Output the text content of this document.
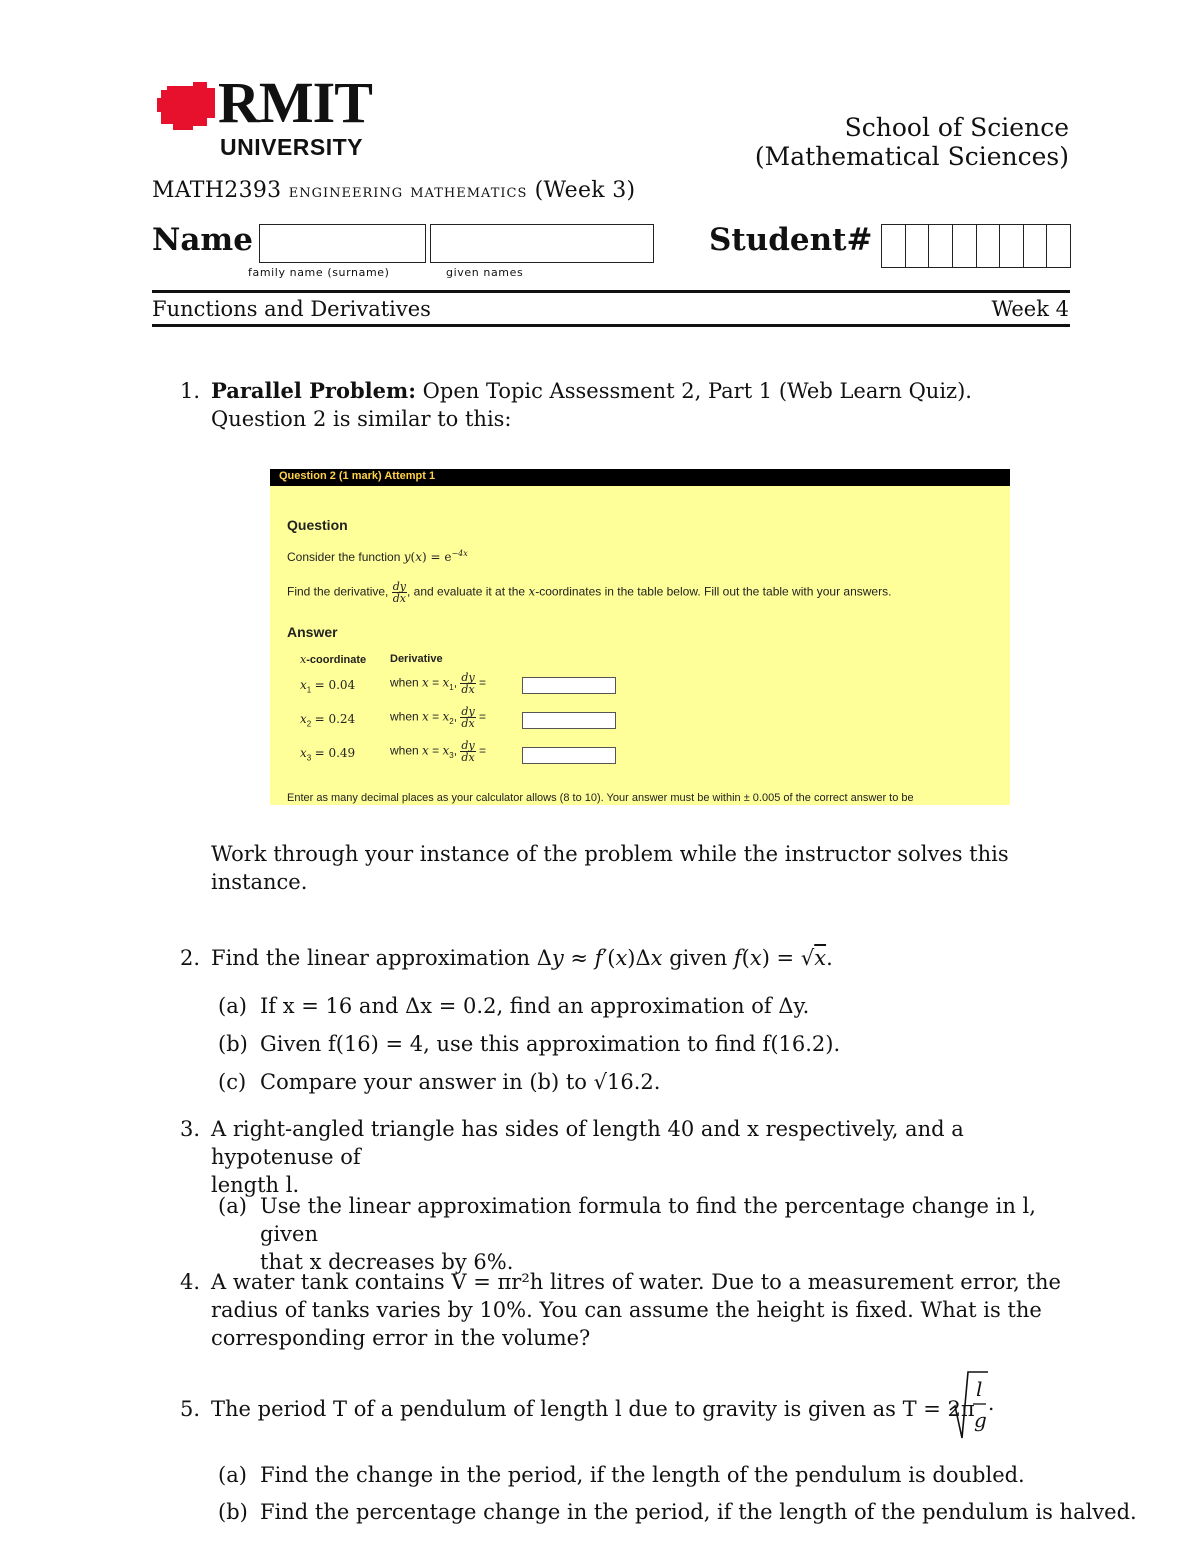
RMIT
UNIVERSITY
School of Science
(Mathematical Sciences)
MATH2393 engineering mathematics (Week 3)
Name
family name (surname)	given names
Student#
Functions and Derivatives	Week 4
1. Parallel Problem: Open Topic Assessment 2, Part 1 (Web Learn Quiz).
Question 2 is similar to this:
Question 2 (1 mark) Attempt 1
Question
Consider the function $y(x) = e^{-4x}$
Find the derivative, $\frac{dy}{dx}$ , and evaluate it at the x-coordinates in the table below. Fill out the table with your answers.
Answer
x-coordinate Derivative
$x_1 = 0.04$	when $x = x_1$, $\frac{dy}{dx}$ =
$x_2 = 0.24$	when $x = x_2$, $\frac{dy}{dx}$ =
$x_3 = 0.49$	when $x = x_3$, $\frac{dy}{dx}$ =
Enter as many decimal places as your calculator allows (8 to 10). Your answer must be within ± 0.005 of the correct answer to be
Work through your instance of the problem while the instructor solves this instance.
2. Find the linear approximation Δy ≈ f′(x)Δx given f(x) = √x.
(a) If x = 16 and Δx = 0.2, find an approximation of Δy.
(b) Given f(16) = 4, use this approximation to find f(16.2).
(c) Compare your answer in (b) to √16.2.
3. A right-angled triangle has sides of length 40 and x respectively, and a hypotenuse of
length l.
(a) Use the linear approximation formula to find the percentage change in l, given
that x decreases by 6%.
4. A water tank contains V = πr²h litres of water. Due to a measurement error, the
radius of tanks varies by 10%. You can assume the height is fixed. What is the
corresponding error in the volume?
5. The period T of a pendulum of length l due to gravity is given as T = 2π
l
g
.
(a) Find the change in the period, if the length of the pendulum is doubled.
(b) Find the percentage change in the period, if the length of the pendulum is halved.
